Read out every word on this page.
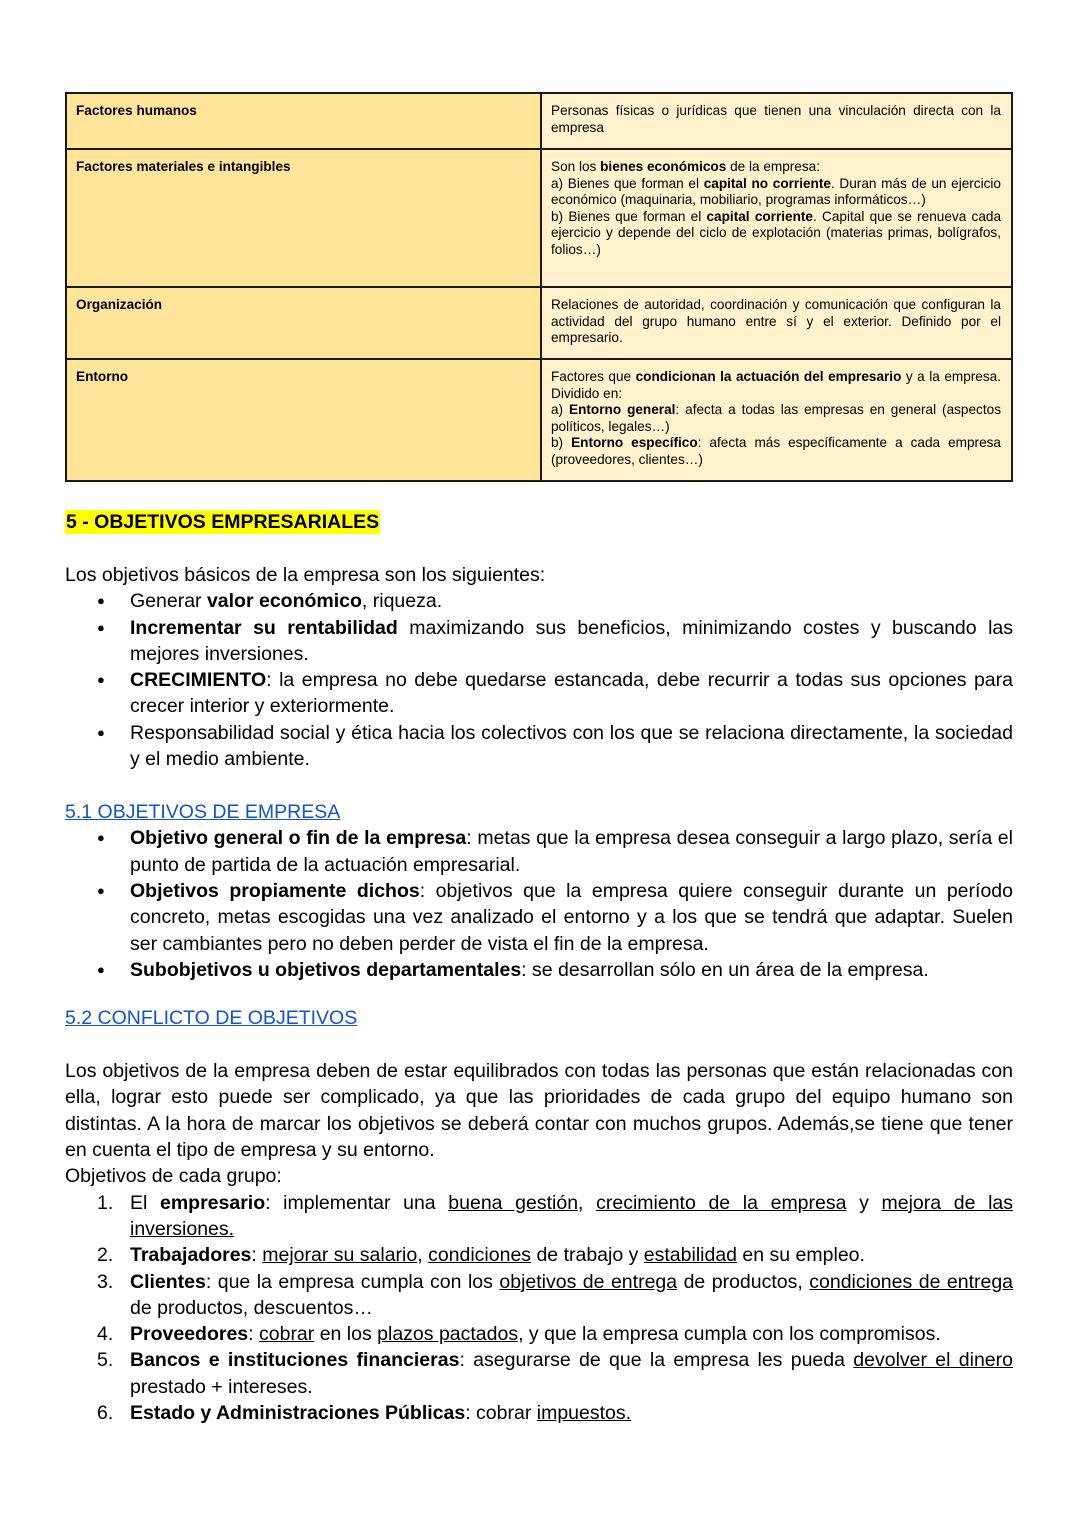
Factores humanos	Personas físicas o jurídicas que tienen una vinculación directa con la empresa
Factores materiales e intangibles	Son los bienes económicos de la empresa:
a) Bienes que forman el capital no corriente. Duran más de un ejercicio económico (maquinaria, mobiliario, programas informáticos…)
b) Bienes que forman el capital corriente. Capital que se renueva cada ejercicio y depende del ciclo de explotación (materias primas, bolígrafos, folios…)

Organización	Relaciones de autoridad, coordinación y comunicación que configuran la actividad del grupo humano entre sí y el exterior. Definido por el empresario.
Entorno	Factores que condicionan la actuación del empresario y a la empresa. Dividido en:
a) Entorno general: afecta a todas las empresas en general (aspectos políticos, legales…)
b) Entorno específico: afecta más específicamente a cada empresa (proveedores, clientes…)
5 - OBJETIVOS EMPRESARIALES
Los objetivos básicos de la empresa son los siguientes:
● Generar valor económico, riqueza.
● Incrementar su rentabilidad maximizando sus beneficios, minimizando costes y buscando las mejores inversiones.
● CRECIMIENTO: la empresa no debe quedarse estancada, debe recurrir a todas sus opciones para crecer interior y exteriormente.
● Responsabilidad social y ética hacia los colectivos con los que se relaciona directamente, la sociedad y el medio ambiente.
5.1 OBJETIVOS DE EMPRESA
● Objetivo general o fin de la empresa: metas que la empresa desea conseguir a largo plazo, sería el punto de partida de la actuación empresarial.
● Objetivos propiamente dichos: objetivos que la empresa quiere conseguir durante un período concreto, metas escogidas una vez analizado el entorno y a los que se tendrá que adaptar. Suelen ser cambiantes pero no deben perder de vista el fin de la empresa.
● Subobjetivos u objetivos departamentales: se desarrollan sólo en un área de la empresa.
5.2 CONFLICTO DE OBJETIVOS
Los objetivos de la empresa deben de estar equilibrados con todas las personas que están relacionadas con ella, lograr esto puede ser complicado, ya que las prioridades de cada grupo del equipo humano son distintas. A la hora de marcar los objetivos se deberá contar con muchos grupos. Además,se tiene que tener en cuenta el tipo de empresa y su entorno.
Objetivos de cada grupo:
1. El empresario: implementar una buena gestión, crecimiento de la empresa y mejora de las inversiones.
2. Trabajadores: mejorar su salario, condiciones de trabajo y estabilidad en su empleo.
3. Clientes: que la empresa cumpla con los objetivos de entrega de productos, condiciones de entrega de productos, descuentos…
4. Proveedores: cobrar en los plazos pactados, y que la empresa cumpla con los compromisos.
5. Bancos e instituciones financieras: asegurarse de que la empresa les pueda devolver el dinero prestado + intereses.
6. Estado y Administraciones Públicas: cobrar impuestos.
